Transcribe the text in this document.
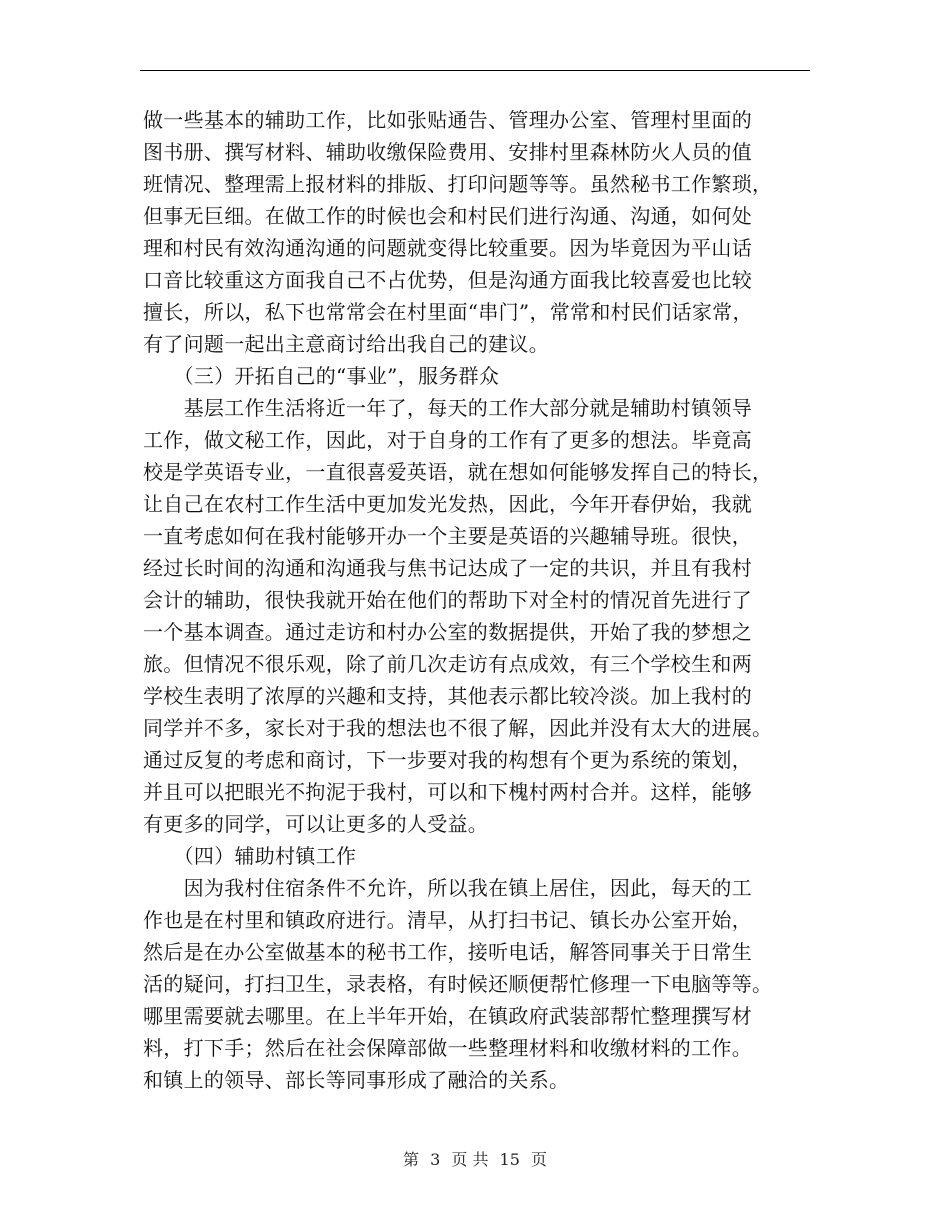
做一些基本的辅助工作，比如张贴通告、管理办公室、管理村里面的
图书册、撰写材料、辅助收缴保险费用、安排村里森林防火人员的值
班情况、整理需上报材料的排版、打印问题等等。虽然秘书工作繁琐，
但事无巨细。在做工作的时候也会和村民们进行沟通、沟通，如何处
理和村民有效沟通沟通的问题就变得比较重要。因为毕竟因为平山话
口音比较重这方面我自己不占优势，但是沟通方面我比较喜爱也比较
擅长，所以，私下也常常会在村里面“串门”，常常和村民们话家常，
有了问题一起出主意商讨给出我自己的建议。
　　（三）开拓自己的“事业”，服务群众
　　基层工作生活将近一年了，每天的工作大部分就是辅助村镇领导
工作，做文秘工作，因此，对于自身的工作有了更多的想法。毕竟高
校是学英语专业，一直很喜爱英语，就在想如何能够发挥自己的特长，
让自己在农村工作生活中更加发光发热，因此，今年开春伊始，我就
一直考虑如何在我村能够开办一个主要是英语的兴趣辅导班。很快，
经过长时间的沟通和沟通我与焦书记达成了一定的共识，并且有我村
会计的辅助，很快我就开始在他们的帮助下对全村的情况首先进行了
一个基本调查。通过走访和村办公室的数据提供，开始了我的梦想之
旅。但情况不很乐观，除了前几次走访有点成效，有三个学校生和两
学校生表明了浓厚的兴趣和支持，其他表示都比较冷淡。加上我村的
同学并不多，家长对于我的想法也不很了解，因此并没有太大的进展。
通过反复的考虑和商讨，下一步要对我的构想有个更为系统的策划，
并且可以把眼光不拘泥于我村，可以和下槐村两村合并。这样，能够
有更多的同学，可以让更多的人受益。
　　（四）辅助村镇工作
　　因为我村住宿条件不允许，所以我在镇上居住，因此，每天的工
作也是在村里和镇政府进行。清早，从打扫书记、镇长办公室开始，
然后是在办公室做基本的秘书工作，接听电话，解答同事关于日常生
活的疑问，打扫卫生，录表格，有时候还顺便帮忙修理一下电脑等等。
哪里需要就去哪里。在上半年开始，在镇政府武装部帮忙整理撰写材
料，打下手；然后在社会保障部做一些整理材料和收缴材料的工作。
和镇上的领导、部长等同事形成了融洽的关系。
第 3 页 共 15 页
